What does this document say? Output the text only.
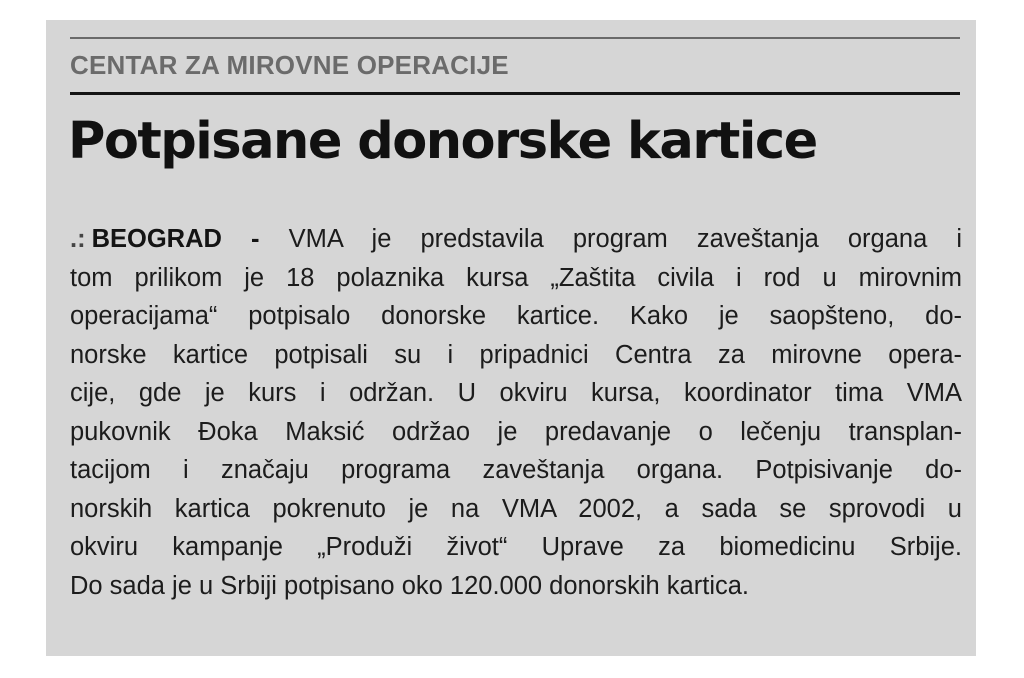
CENTAR ZA MIROVNE OPERACIJE
Potpisane donorske kartice
.: BEOGRAD - VMA je predstavila program zaveštanja organa i
tom prilikom je 18 polaznika kursa „Zaštita civila i rod u mirovnim
operacijama“ potpisalo donorske kartice. Kako je saopšteno, do-
norske kartice potpisali su i pripadnici Centra za mirovne opera-
cije, gde je kurs i održan. U okviru kursa, koordinator tima VMA
pukovnik Đoka Maksić održao je predavanje o lečenju transplan-
tacijom i značaju programa zaveštanja organa. Potpisivanje do-
norskih kartica pokrenuto je na VMA 2002, a sada se sprovodi u
okviru kampanje „Produži život“ Uprave za biomedicinu Srbije.
Do sada je u Srbiji potpisano oko 120.000 donorskih kartica.
